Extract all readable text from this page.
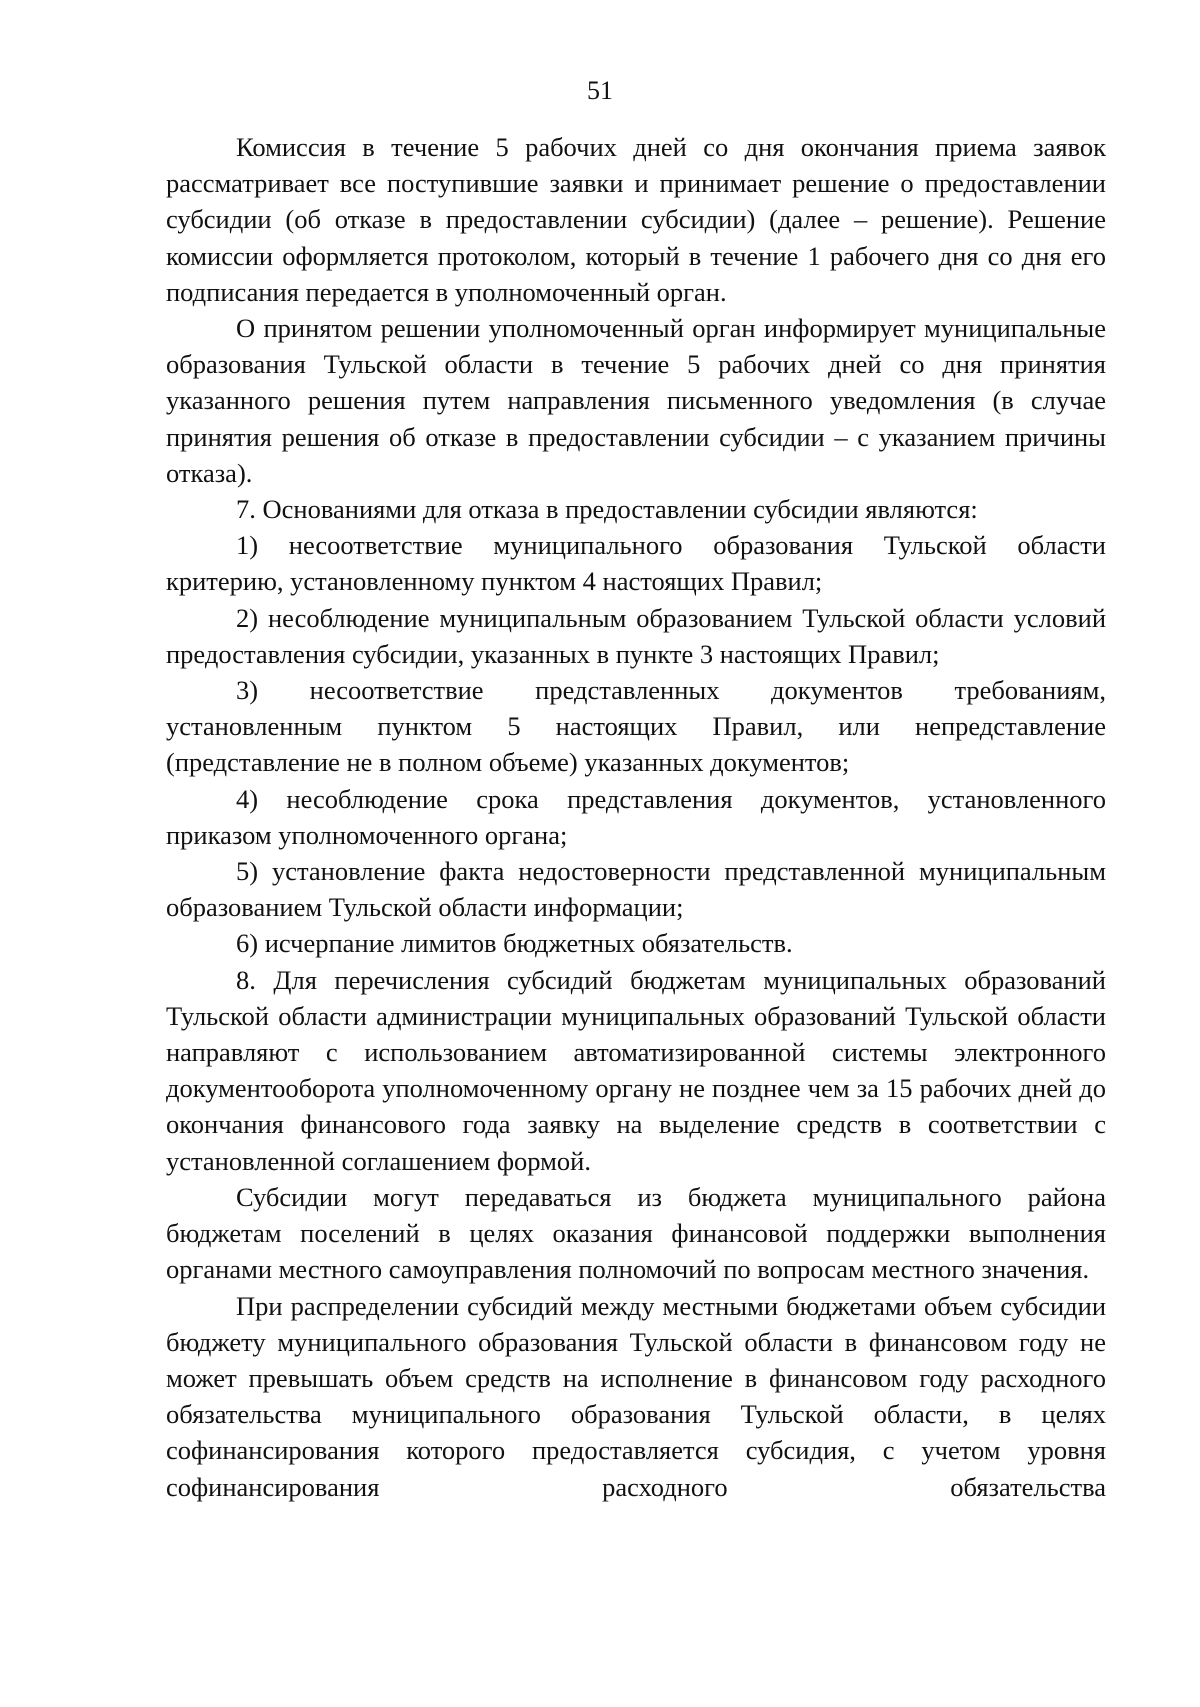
51

Комиссия в течение 5 рабочих дней со дня окончания приема заявок рассматривает все поступившие заявки и принимает решение о предоставлении субсидии (об отказе в предоставлении субсидии) (далее – решение). Решение комиссии оформляется протоколом, который в течение 1 рабочего дня со дня его подписания передается в уполномоченный орган.

О принятом решении уполномоченный орган информирует муниципальные образования Тульской области в течение 5 рабочих дней со дня принятия указанного решения путем направления письменного уведомления (в случае принятия решения об отказе в предоставлении субсидии – с указанием причины отказа).

7. Основаниями для отказа в предоставлении субсидии являются:

1) несоответствие муниципального образования Тульской области критерию, установленному пунктом 4 настоящих Правил;

2) несоблюдение муниципальным образованием Тульской области условий предоставления субсидии, указанных в пункте 3 настоящих Правил;

3) несоответствие представленных документов требованиям, установленным пунктом 5 настоящих Правил, или непредставление (представление не в полном объеме) указанных документов;

4) несоблюдение срока представления документов, установленного приказом уполномоченного органа;

5) установление факта недостоверности представленной муниципальным образованием Тульской области информации;

6) исчерпание лимитов бюджетных обязательств.

8. Для перечисления субсидий бюджетам муниципальных образований Тульской области администрации муниципальных образований Тульской области направляют с использованием автоматизированной системы электронного документооборота уполномоченному органу не позднее чем за 15 рабочих дней до окончания финансового года заявку на выделение средств в соответствии с установленной соглашением формой.

Субсидии могут передаваться из бюджета муниципального района бюджетам поселений в целях оказания финансовой поддержки выполнения органами местного самоуправления полномочий по вопросам местного значения.

При распределении субсидий между местными бюджетами объем субсидии бюджету муниципального образования Тульской области в финансовом году не может превышать объем средств на исполнение в финансовом году расходного обязательства муниципального образования Тульской области, в целях софинансирования которого предоставляется субсидия, с учетом уровня софинансирования расходного обязательства
